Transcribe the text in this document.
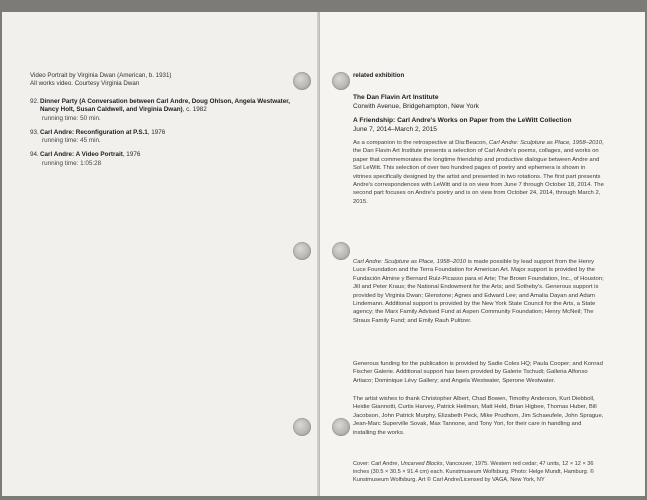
Video Portrait by Virginia Dwan (American, b. 1931)
All works video. Courtesy Virginia Dwan
92. Dinner Party (A Conversation between Carl Andre, Doug Ohlson, Angela Westwater, Nancy Holt, Susan Caldwell, and Virginia Dwan), c. 1982
running time: 50 min.
93. Carl Andre: Reconfiguration at P.S.1, 1976
running time: 45 min.
94. Carl Andre: A Video Portrait, 1976
running time: 1:05:28
related exhibition
The Dan Flavin Art Institute
Corwith Avenue, Bridgehampton, New York
A Friendship: Carl Andre's Works on Paper from the LeWitt Collection
June 7, 2014–March 2, 2015

As a companion to the retrospective at Dia:Beacon, Carl Andre: Sculpture as Place, 1958–2010, the Dan Flavin Art Institute presents a selection of Carl Andre's poems, collages, and works on paper that commemorates the longtime friendship and productive dialogue between Andre and Sol LeWitt. This selection of over two hundred pages of poetry and ephemera is shown in vitrines specifically designed by the artist and presented in two rotations. The first part presents Andre's correspondences with LeWitt and is on view from June 7 through October 18, 2014. The second part focuses on Andre's poetry and is on view from October 24, 2014, through March 2, 2015.

Carl Andre: Sculpture as Place, 1958–2010 is made possible by lead support from the Henry Luce Foundation and the Terra Foundation for American Art. Major support is provided by the Fundación Almine y Bernard Ruiz-Picasso para el Arte; The Brown Foundation, Inc., of Houston; Jill and Peter Kraus; the National Endowment for the Arts; and Sotheby's. Generous support is provided by Virginia Dwan; Glenstone; Agnes and Edward Lee; and Amalia Dayan and Adam Lindemann. Additional support is provided by the New York State Council for the Arts, a State agency; the Marx Family Advised Fund at Aspen Community Foundation; Henry McNeil; The Straus Family Fund; and Emily Rauh Pulitzer.

Generous funding for the publication is provided by Sadie Coles HQ; Paula Cooper; and Konrad Fischer Galerie. Additional support has been provided by Galerie Tschudi; Galleria Alfonso Artiaco; Dominique Lévy Gallery; and Angela Westwater, Sperone Westwater.

The artist wishes to thank Christopher Albert, Chad Bowen, Timothy Anderson, Kurt Diebboll, Heidie Giannotti, Curtis Harvey, Patrick Heilman, Matt Held, Brian Higbee, Thomas Huber, Bill Jacobson, John Patrick Murphy, Elizabeth Peck, Mike Prudhom, Jim Schaeufele, John Sprague, Jean-Marc Superville Sovak, Max Tannone, and Tony Yori, for their care in handling and installing the works.

Cover: Carl Andre, Uncarved Blocks, Vancouver, 1975. Western red cedar; 47 units, 12 × 12 × 36 inches (30.5 × 30.5 × 91.4 cm) each. Kunstmuseum Wolfsburg. Photo: Helge Mundt, Hamburg. © Kunstmuseum Wolfsburg. Art © Carl Andre/Licensed by VAGA, New York, NY
